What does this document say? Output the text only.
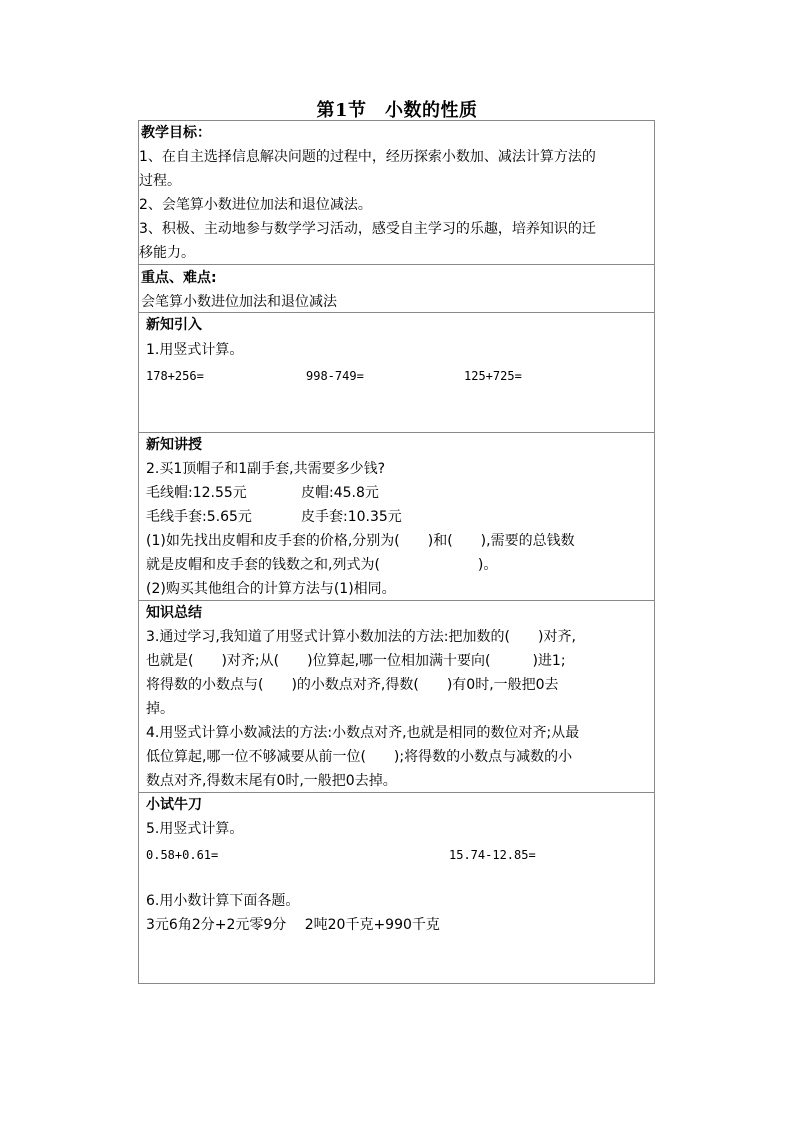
第1节　小数的性质
教学目标：
1、在自主选择信息解决问题的过程中，经历探索小数加、减法计算方法的
过程。
2、会笔算小数进位加法和退位减法。
3、积极、主动地参与数学学习活动，感受自主学习的乐趣，培养知识的迁
移能力。
重点、难点:
会笔算小数进位加法和退位减法
新知引入
1.用竖式计算。
178+256=	998-749=	125+725=
新知讲授
2.买1顶帽子和1副手套,共需要多少钱?
毛线帽:12.55元	皮帽:45.8元
毛线手套:5.65元	皮手套:10.35元
(1)如先找出皮帽和皮手套的价格,分别为(　　)和(　　),需要的总钱数
就是皮帽和皮手套的钱数之和,列式为(　　　　　　　)。
(2)购买其他组合的计算方法与(1)相同。
知识总结
3.通过学习,我知道了用竖式计算小数加法的方法:把加数的(　　)对齐,
也就是(　　)对齐;从(　　)位算起,哪一位相加满十要向(　　　)进1;
将得数的小数点与(　　)的小数点对齐,得数(　　)有0时,一般把0去
掉。
4.用竖式计算小数减法的方法:小数点对齐,也就是相同的数位对齐;从最
低位算起,哪一位不够减要从前一位(　　);将得数的小数点与减数的小
数点对齐,得数末尾有0时,一般把0去掉。
小试牛刀
5.用竖式计算。
0.58+0.61=	15.74-12.85=
6.用小数计算下面各题。
3元6角2分+2元零9分　 2吨20千克+990千克
